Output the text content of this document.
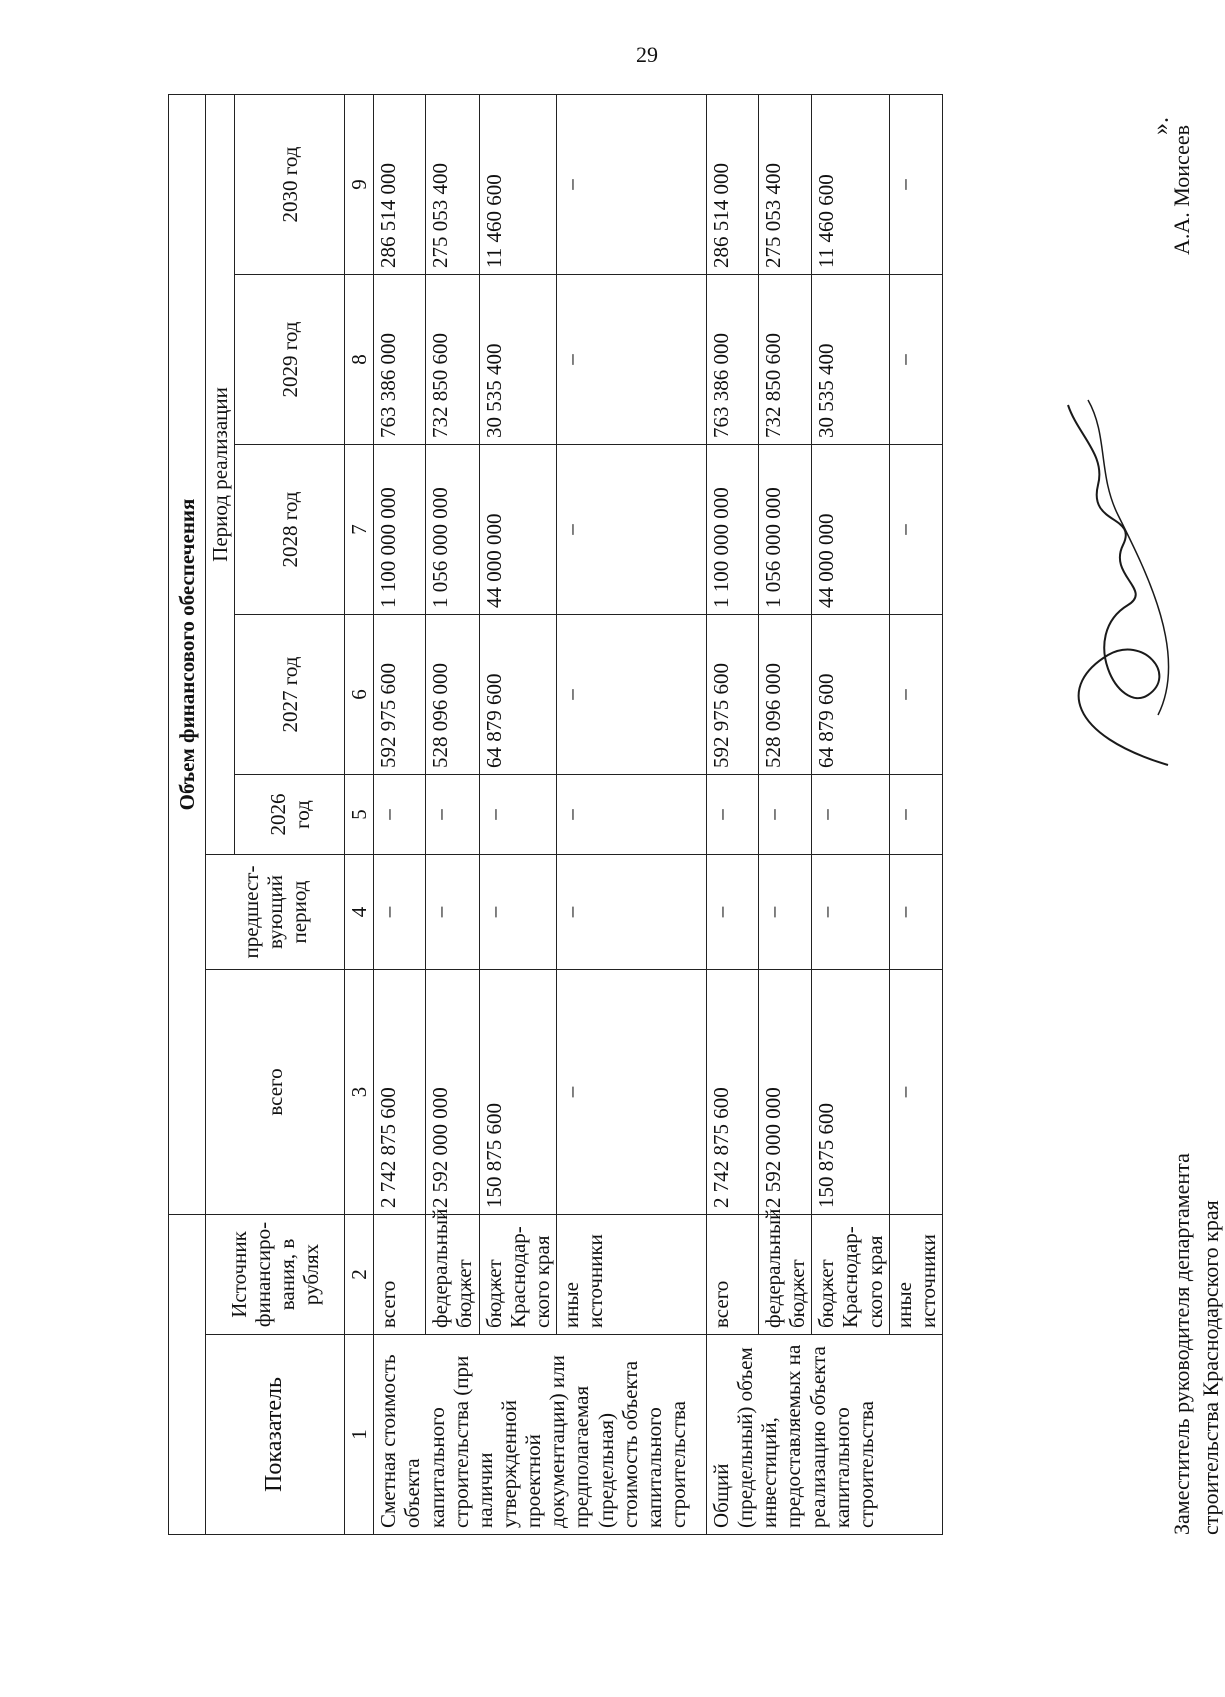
29
		Объем финансового обеспечения						
Показатель	Источник финансиро-вания, в рублях	всего	предшест-вующий период	Период реализации				
				2026 год	2027 год	2028 год	2029 год	2030 год
1	2	3	4	5	6	7	8	9
Сметная стоимость объекта капитального строительства (при наличии утвержденной проектной документации) или предполагаемая (предельная) стоимость объекта капитального строительства	всего	2 742 875 600	–	–	592 975 600	1 100 000 000	763 386 000	286 514 000
	федеральный бюджет	2 592 000 000	–	–	528 096 000	1 056 000 000	732 850 600	275 053 400
	бюджет Краснодар-ского края	150 875 600	–	–	64 879 600	44 000 000	30 535 400	11 460 600
	иные источники	–	–	–	–	–	–	–
Общий (предельный) объем инвестиций, предоставляемых на реализацию объекта капитального строительства	всего	2 742 875 600	–	–	592 975 600	1 100 000 000	763 386 000	286 514 000
	федеральный бюджет	2 592 000 000	–	–	528 096 000	1 056 000 000	732 850 600	275 053 400
	бюджет Краснодар-ского края	150 875 600	–	–	64 879 600	44 000 000	30 535 400	11 460 600
	иные источники	–	–	–	–	–	–	–
».
Заместитель руководителя департамента строительства Краснодарского края
А.А. Моисеев
